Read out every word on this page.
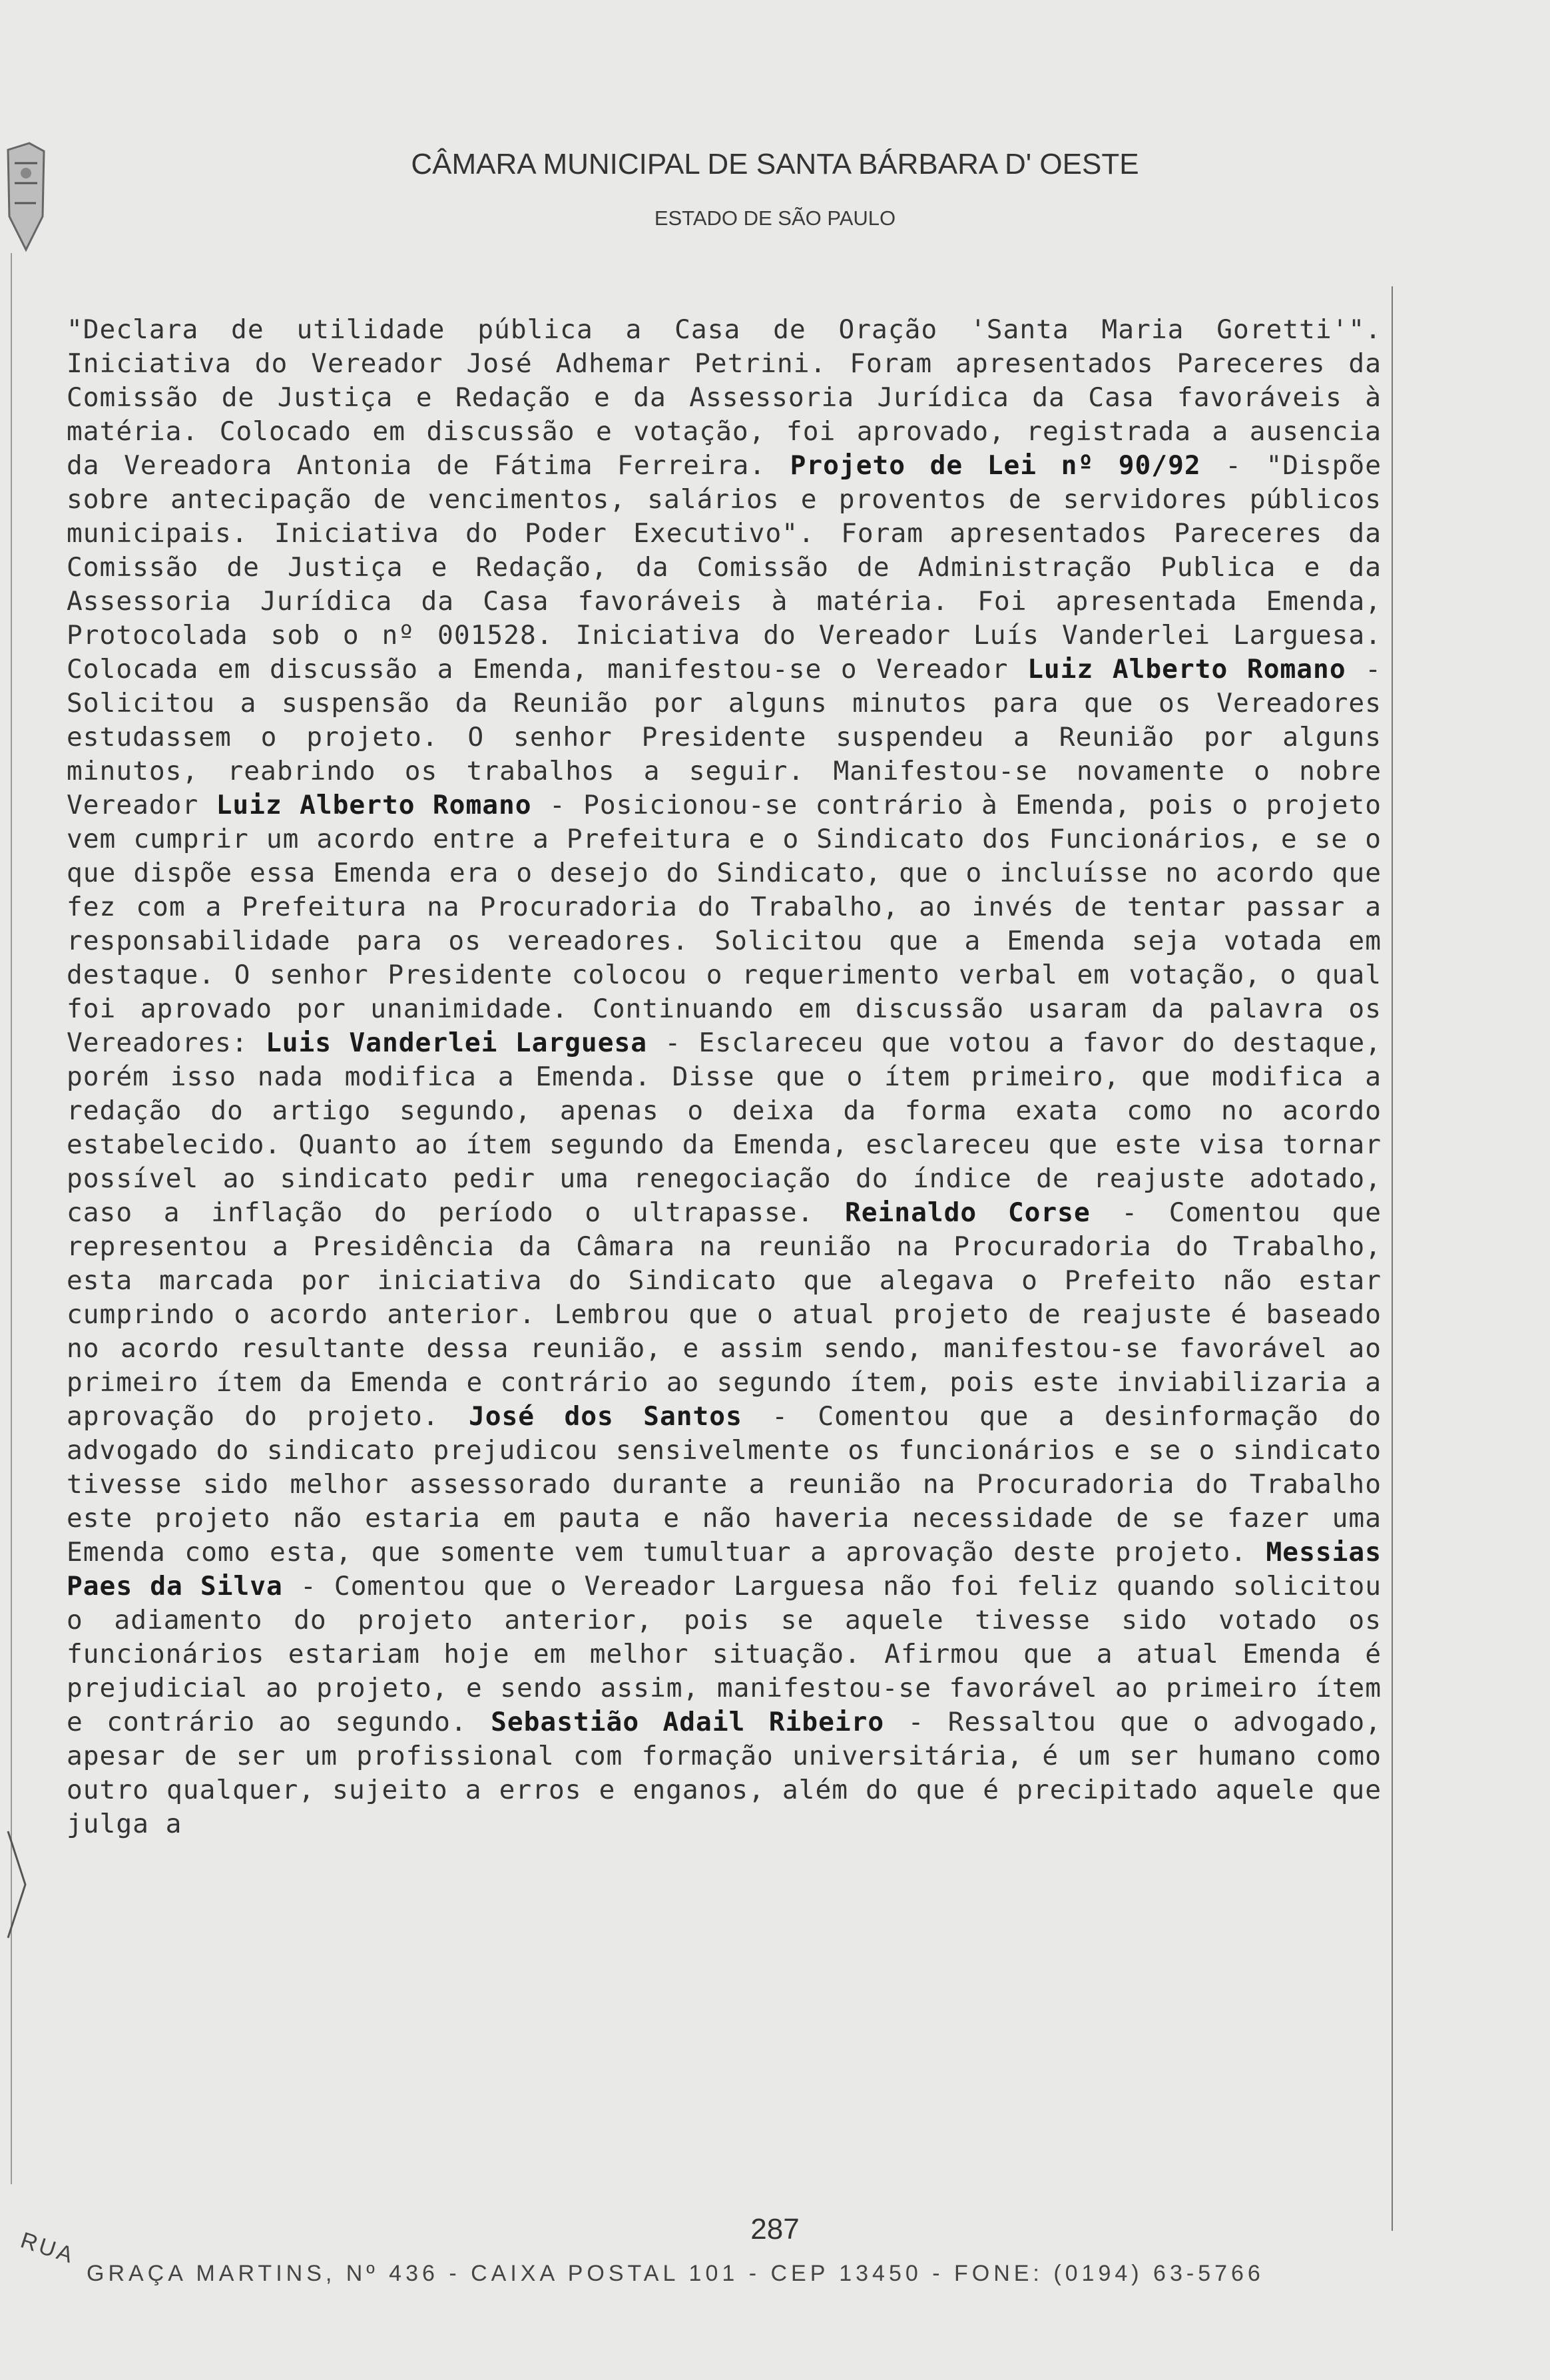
CÂMARA MUNICIPAL DE SANTA BÁRBARA D' OESTE
ESTADO DE SÃO PAULO
"Declara de utilidade pública a Casa de Oração 'Santa Maria Goretti'". Iniciativa do Vereador José Adhemar Petrini. Foram apresentados Pareceres da Comissão de Justiça e Redação e da Assessoria Jurídica da Casa favoráveis à matéria. Colocado em discussão e votação, foi aprovado, registrada a ausencia da Vereadora Antonia de Fátima Ferreira. Projeto de Lei nº 90/92 - "Dispõe sobre antecipação de vencimentos, salários e proventos de servidores públicos municipais. Iniciativa do Poder Executivo". Foram apresentados Pareceres da Comissão de Justiça e Redação, da Comissão de Administração Publica e da Assessoria Jurídica da Casa favoráveis à matéria. Foi apresentada Emenda, Protocolada sob o nº 001528. Iniciativa do Vereador Luís Vanderlei Larguesa. Colocada em discussão a Emenda, manifestou-se o Vereador Luiz Alberto Romano - Solicitou a suspensão da Reunião por alguns minutos para que os Vereadores estudassem o projeto. O senhor Presidente suspendeu a Reunião por alguns minutos, reabrindo os trabalhos a seguir. Manifestou-se novamente o nobre Vereador Luiz Alberto Romano - Posicionou-se contrário à Emenda, pois o projeto vem cumprir um acordo entre a Prefeitura e o Sindicato dos Funcionários, e se o que dispõe essa Emenda era o desejo do Sindicato, que o incluísse no acordo que fez com a Prefeitura na Procuradoria do Trabalho, ao invés de tentar passar a responsabilidade para os vereadores. Solicitou que a Emenda seja votada em destaque. O senhor Presidente colocou o requerimento verbal em votação, o qual foi aprovado por unanimidade. Continuando em discussão usaram da palavra os Vereadores: Luis Vanderlei Larguesa - Esclareceu que votou a favor do destaque, porém isso nada modifica a Emenda. Disse que o ítem primeiro, que modifica a redação do artigo segundo, apenas o deixa da forma exata como no acordo estabelecido. Quanto ao ítem segundo da Emenda, esclareceu que este visa tornar possível ao sindicato pedir uma renegociação do índice de reajuste adotado, caso a inflação do período o ultrapasse. Reinaldo Corse - Comentou que representou a Presidência da Câmara na reunião na Procuradoria do Trabalho, esta marcada por iniciativa do Sindicato que alegava o Prefeito não estar cumprindo o acordo anterior. Lembrou que o atual projeto de reajuste é baseado no acordo resultante dessa reunião, e assim sendo, manifestou-se favorável ao primeiro ítem da Emenda e contrário ao segundo ítem, pois este inviabilizaria a aprovação do projeto. José dos Santos - Comentou que a desinformação do advogado do sindicato prejudicou sensivelmente os funcionários e se o sindicato tivesse sido melhor assessorado durante a reunião na Procuradoria do Trabalho este projeto não estaria em pauta e não haveria necessidade de se fazer uma Emenda como esta, que somente vem tumultuar a aprovação deste projeto. Messias Paes da Silva - Comentou que o Vereador Larguesa não foi feliz quando solicitou o adiamento do projeto anterior, pois se aquele tivesse sido votado os funcionários estariam hoje em melhor situação. Afirmou que a atual Emenda é prejudicial ao projeto, e sendo assim, manifestou-se favorável ao primeiro ítem e contrário ao segundo. Sebastião Adail Ribeiro - Ressaltou que o advogado, apesar de ser um profissional com formação universitária, é um ser humano como outro qualquer, sujeito a erros e enganos, além do que é precipitado aquele que julga a
287
RUA
GRAÇA MARTINS, Nº 436 - CAIXA POSTAL 101 - CEP 13450 - FONE: (0194) 63-5766
